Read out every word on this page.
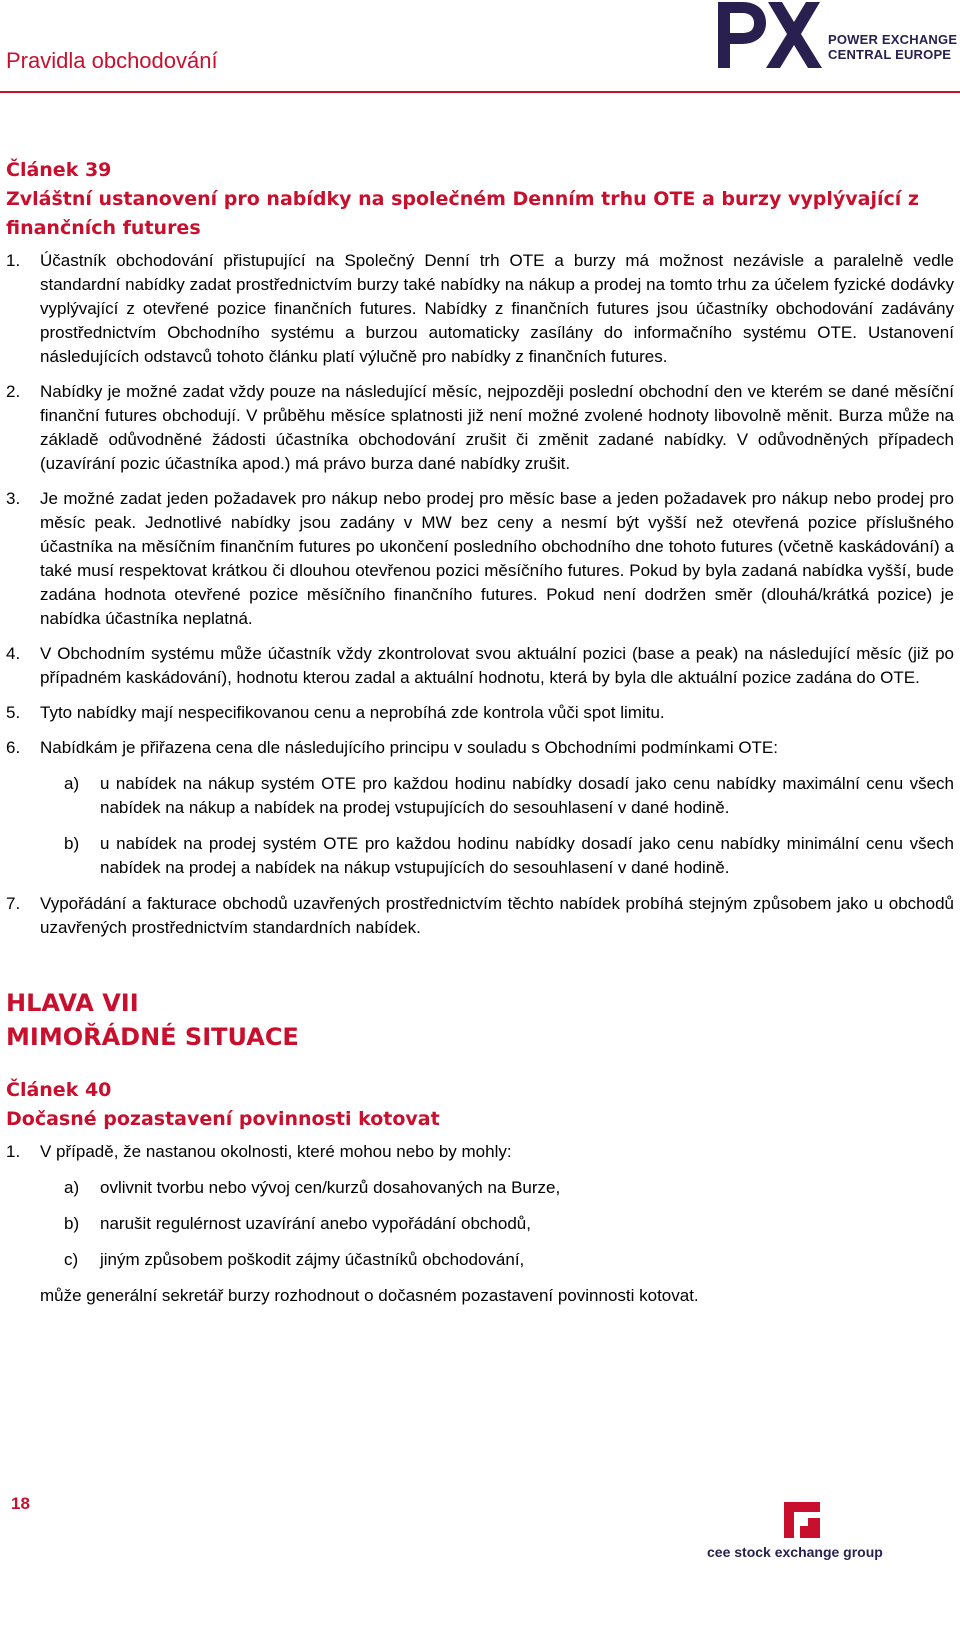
Pravidla obchodování
POWER EXCHANGE
CENTRAL EUROPE
Článek 39
Zvláštní ustanovení pro nabídky na společném Denním trhu OTE a burzy vyplývající z finančních futures
1.	Účastník obchodování přistupující na Společný Denní trh OTE a burzy má možnost nezávisle a paralelně vedle standardní nabídky zadat prostřednictvím burzy také nabídky na nákup a prodej na tomto trhu za účelem fyzické dodávky vyplývající z otevřené pozice finančních futures. Nabídky z finančních futures jsou účastníky obchodování zadávány prostřednictvím Obchodního systému a burzou automaticky zasílány do informačního systému OTE. Ustanovení následujících odstavců tohoto článku platí výlučně pro nabídky z finančních futures.
2.	Nabídky je možné zadat vždy pouze na následující měsíc, nejpozději poslední obchodní den ve kterém se dané měsíční finanční futures obchodují. V průběhu měsíce splatnosti již není možné zvolené hodnoty libovolně měnit. Burza může na základě odůvodněné žádosti účastníka obchodování zrušit či změnit zadané nabídky. V odůvodněných případech (uzavírání pozic účastníka apod.) má právo burza dané nabídky zrušit.
3.	Je možné zadat jeden požadavek pro nákup nebo prodej pro měsíc base a jeden požadavek pro nákup nebo prodej pro měsíc peak. Jednotlivé nabídky jsou zadány v MW bez ceny a nesmí být vyšší než otevřená pozice příslušného účastníka na měsíčním finančním futures po ukončení posledního obchodního dne tohoto futures (včetně kaskádování) a také musí respektovat krátkou či dlouhou otevřenou pozici měsíčního futures. Pokud by byla zadaná nabídka vyšší, bude zadána hodnota otevřené pozice měsíčního finančního futures. Pokud není dodržen směr (dlouhá/krátká pozice) je nabídka účastníka neplatná.
4.	V Obchodním systému může účastník vždy zkontrolovat svou aktuální pozici (base a peak) na následující měsíc (již po případném kaskádování), hodnotu kterou zadal a aktuální hodnotu, která by byla dle aktuální pozice zadána do OTE.
5.	Tyto nabídky mají nespecifikovanou cenu a neprobíhá zde kontrola vůči spot limitu.
6.	Nabídkám je přiřazena cena dle následujícího principu v souladu s Obchodními podmínkami OTE:
a)	u nabídek na nákup systém OTE pro každou hodinu nabídky dosadí jako cenu nabídky maximální cenu všech nabídek na nákup a nabídek na prodej vstupujících do sesouhlasení v dané hodině.
b)	u nabídek na prodej systém OTE pro každou hodinu nabídky dosadí jako cenu nabídky minimální cenu všech nabídek na prodej a nabídek na nákup vstupujících do sesouhlasení v dané hodině.
7.	Vypořádání a fakturace obchodů uzavřených prostřednictvím těchto nabídek probíhá stejným způsobem jako u obchodů uzavřených prostřednictvím standardních nabídek.
HLAVA VII
MIMOŘÁDNÉ SITUACE
Článek 40
Dočasné pozastavení povinnosti kotovat
1.	V případě, že nastanou okolnosti, které mohou nebo by mohly:
a)	ovlivnit tvorbu nebo vývoj cen/kurzů dosahovaných na Burze,
b)	narušit regulérnost uzavírání anebo vypořádání obchodů,
c)	jiným způsobem poškodit zájmy účastníků obchodování,
může generální sekretář burzy rozhodnout o dočasném pozastavení povinnosti kotovat.
18
cee stock exchange group
